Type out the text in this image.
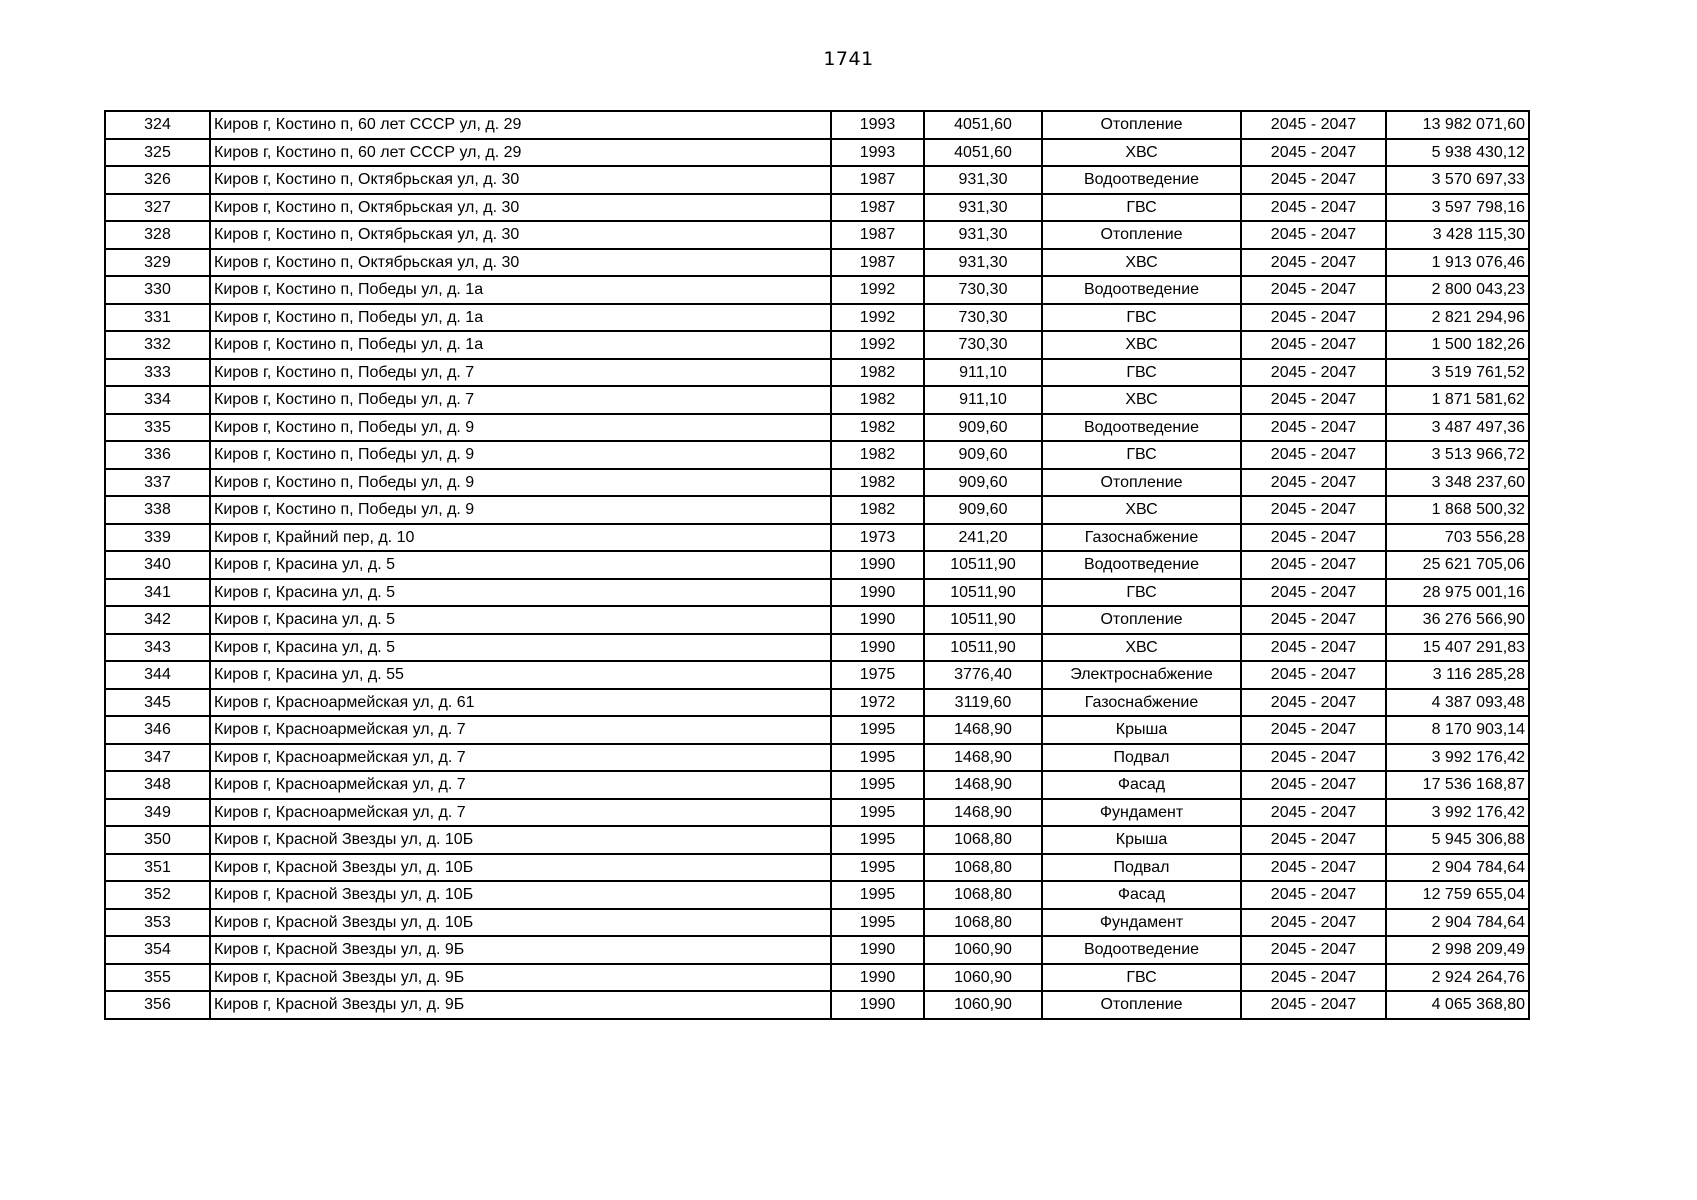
1741
324	Киров г, Костино п, 60 лет СССР ул, д. 29	1993	4051,60	Отопление	2045 - 2047	13 982 071,60
325	Киров г, Костино п, 60 лет СССР ул, д. 29	1993	4051,60	ХВС	2045 - 2047	5 938 430,12
326	Киров г, Костино п, Октябрьская ул, д. 30	1987	931,30	Водоотведение	2045 - 2047	3 570 697,33
327	Киров г, Костино п, Октябрьская ул, д. 30	1987	931,30	ГВС	2045 - 2047	3 597 798,16
328	Киров г, Костино п, Октябрьская ул, д. 30	1987	931,30	Отопление	2045 - 2047	3 428 115,30
329	Киров г, Костино п, Октябрьская ул, д. 30	1987	931,30	ХВС	2045 - 2047	1 913 076,46
330	Киров г, Костино п, Победы ул, д. 1а	1992	730,30	Водоотведение	2045 - 2047	2 800 043,23
331	Киров г, Костино п, Победы ул, д. 1а	1992	730,30	ГВС	2045 - 2047	2 821 294,96
332	Киров г, Костино п, Победы ул, д. 1а	1992	730,30	ХВС	2045 - 2047	1 500 182,26
333	Киров г, Костино п, Победы ул, д. 7	1982	911,10	ГВС	2045 - 2047	3 519 761,52
334	Киров г, Костино п, Победы ул, д. 7	1982	911,10	ХВС	2045 - 2047	1 871 581,62
335	Киров г, Костино п, Победы ул, д. 9	1982	909,60	Водоотведение	2045 - 2047	3 487 497,36
336	Киров г, Костино п, Победы ул, д. 9	1982	909,60	ГВС	2045 - 2047	3 513 966,72
337	Киров г, Костино п, Победы ул, д. 9	1982	909,60	Отопление	2045 - 2047	3 348 237,60
338	Киров г, Костино п, Победы ул, д. 9	1982	909,60	ХВС	2045 - 2047	1 868 500,32
339	Киров г, Крайний пер, д. 10	1973	241,20	Газоснабжение	2045 - 2047	703 556,28
340	Киров г, Красина ул, д. 5	1990	10511,90	Водоотведение	2045 - 2047	25 621 705,06
341	Киров г, Красина ул, д. 5	1990	10511,90	ГВС	2045 - 2047	28 975 001,16
342	Киров г, Красина ул, д. 5	1990	10511,90	Отопление	2045 - 2047	36 276 566,90
343	Киров г, Красина ул, д. 5	1990	10511,90	ХВС	2045 - 2047	15 407 291,83
344	Киров г, Красина ул, д. 55	1975	3776,40	Электроснабжение	2045 - 2047	3 116 285,28
345	Киров г, Красноармейская ул, д. 61	1972	3119,60	Газоснабжение	2045 - 2047	4 387 093,48
346	Киров г, Красноармейская ул, д. 7	1995	1468,90	Крыша	2045 - 2047	8 170 903,14
347	Киров г, Красноармейская ул, д. 7	1995	1468,90	Подвал	2045 - 2047	3 992 176,42
348	Киров г, Красноармейская ул, д. 7	1995	1468,90	Фасад	2045 - 2047	17 536 168,87
349	Киров г, Красноармейская ул, д. 7	1995	1468,90	Фундамент	2045 - 2047	3 992 176,42
350	Киров г, Красной Звезды ул, д. 10Б	1995	1068,80	Крыша	2045 - 2047	5 945 306,88
351	Киров г, Красной Звезды ул, д. 10Б	1995	1068,80	Подвал	2045 - 2047	2 904 784,64
352	Киров г, Красной Звезды ул, д. 10Б	1995	1068,80	Фасад	2045 - 2047	12 759 655,04
353	Киров г, Красной Звезды ул, д. 10Б	1995	1068,80	Фундамент	2045 - 2047	2 904 784,64
354	Киров г, Красной Звезды ул, д. 9Б	1990	1060,90	Водоотведение	2045 - 2047	2 998 209,49
355	Киров г, Красной Звезды ул, д. 9Б	1990	1060,90	ГВС	2045 - 2047	2 924 264,76
356	Киров г, Красной Звезды ул, д. 9Б	1990	1060,90	Отопление	2045 - 2047	4 065 368,80
